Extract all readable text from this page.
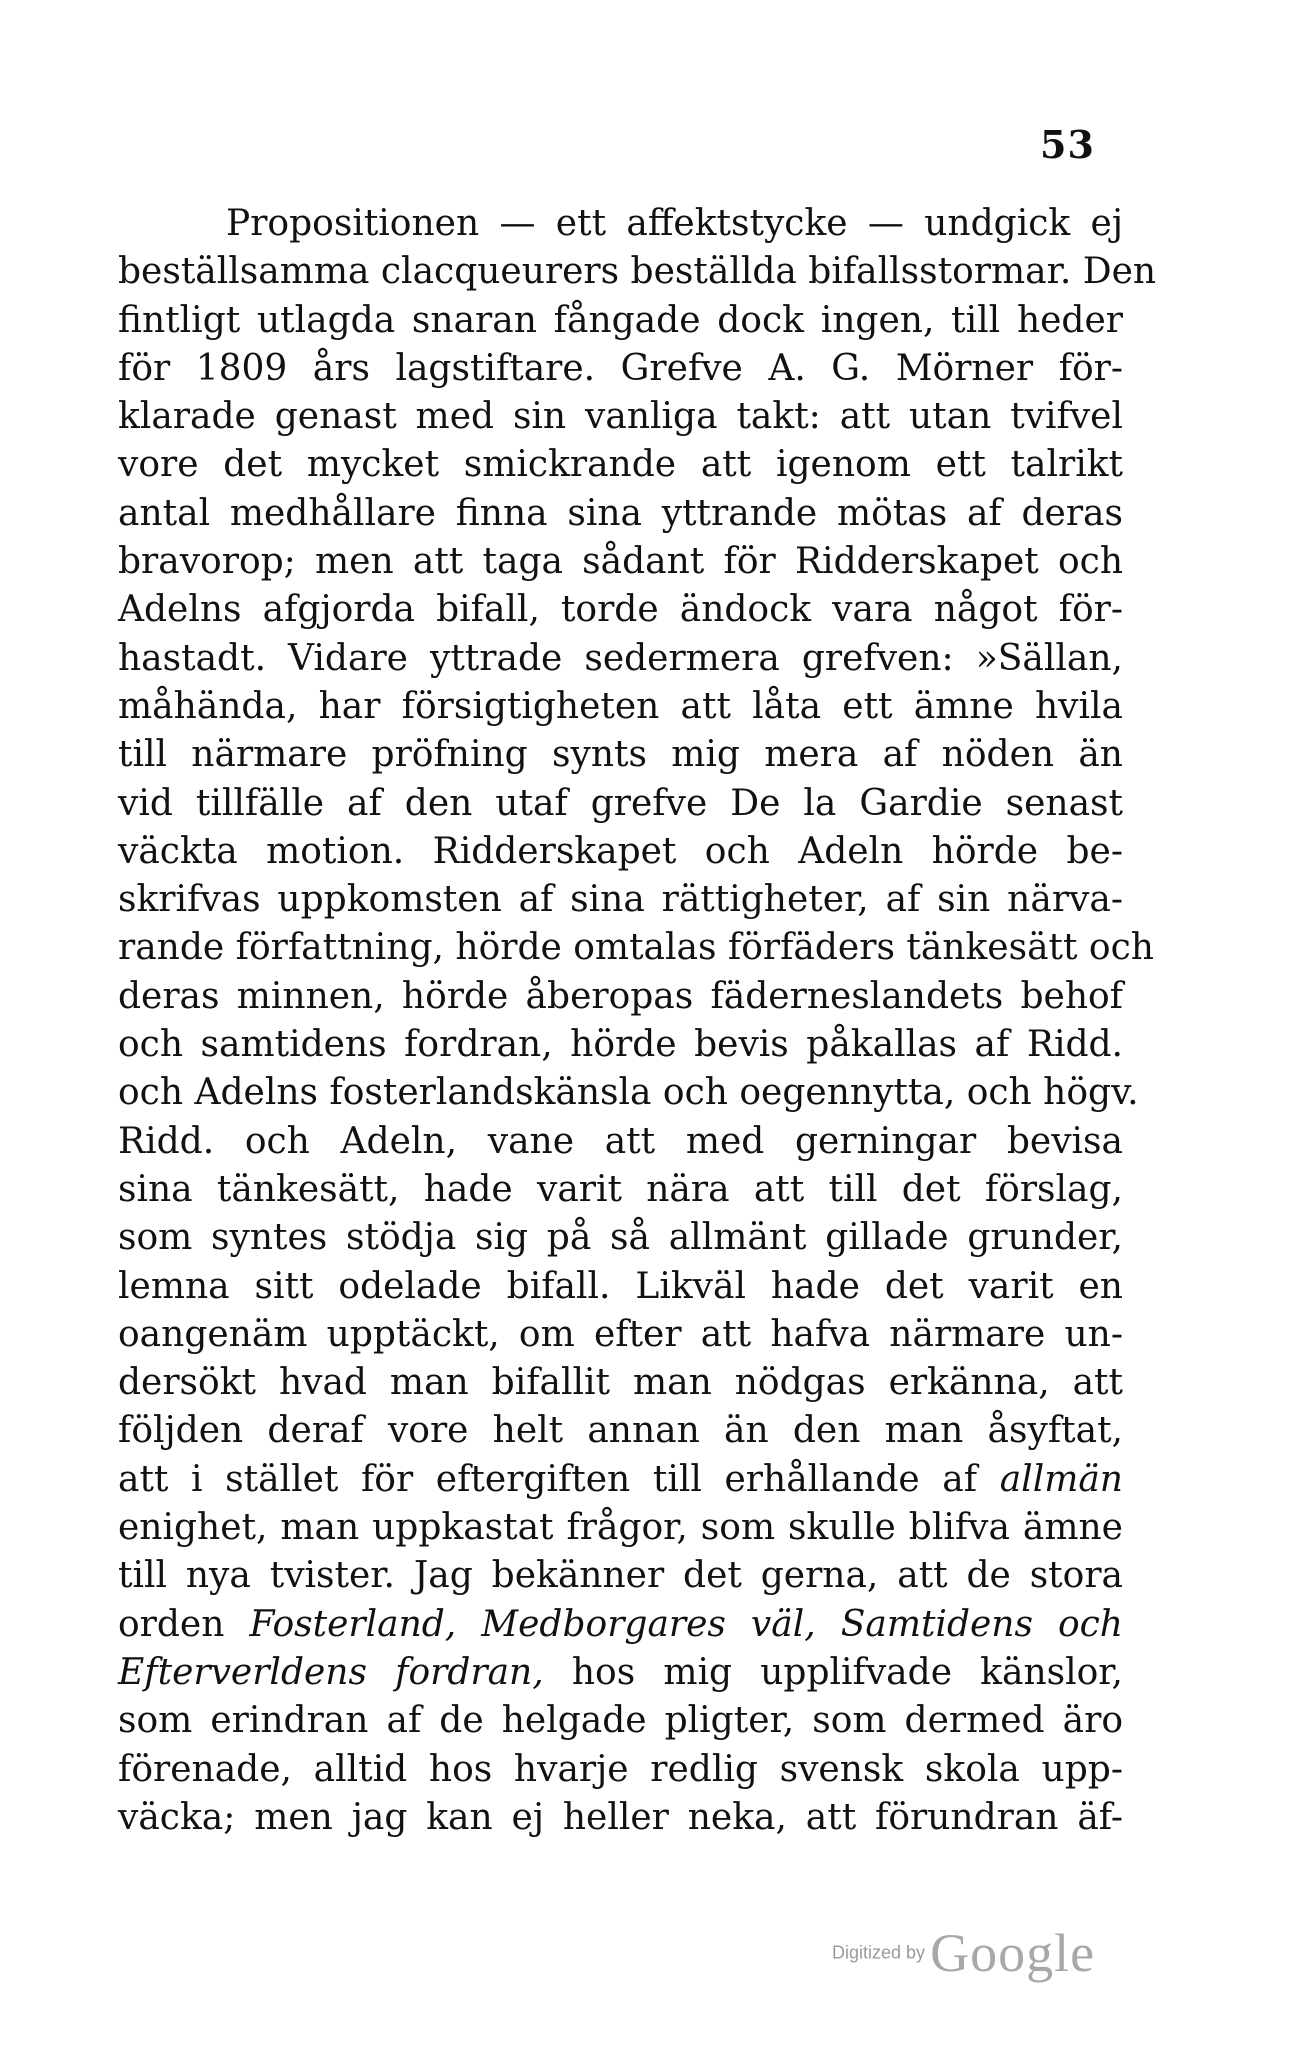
53
Propositionen — ett affektstycke — undgick ej
beställsamma clacqueurers beställda bifallsstormar. Den
fintligt utlagda snaran fångade dock ingen, till heder
för 1809 års lagstiftare. Grefve A. G. Mörner för-
klarade genast med sin vanliga takt: att utan tvifvel
vore det mycket smickrande att igenom ett talrikt
antal medhållare finna sina yttrande mötas af deras
bravorop; men att taga sådant för Ridderskapet och
Adelns afgjorda bifall, torde ändock vara något för-
hastadt. Vidare yttrade sedermera grefven: »Sällan,
måhända, har försigtigheten att låta ett ämne hvila
till närmare pröfning synts mig mera af nöden än
vid tillfälle af den utaf grefve De la Gardie senast
väckta motion. Ridderskapet och Adeln hörde be-
skrifvas uppkomsten af sina rättigheter, af sin närva-
rande författning, hörde omtalas förfäders tänkesätt och
deras minnen, hörde åberopas fäderneslandets behof
och samtidens fordran, hörde bevis påkallas af Ridd.
och Adelns fosterlandskänsla och oegennytta, och högv.
Ridd. och Adeln, vane att med gerningar bevisa
sina tänkesätt, hade varit nära att till det förslag,
som syntes stödja sig på så allmänt gillade grunder,
lemna sitt odelade bifall. Likväl hade det varit en
oangenäm upptäckt, om efter att hafva närmare un-
dersökt hvad man bifallit man nödgas erkänna, att
följden deraf vore helt annan än den man åsyftat,
att i stället för eftergiften till erhållande af allmän
enighet, man uppkastat frågor, som skulle blifva ämne
till nya tvister. Jag bekänner det gerna, att de stora
orden Fosterland, Medborgares väl, Samtidens och
Efterverldens fordran, hos mig upplifvade känslor,
som erindran af de helgade pligter, som dermed äro
förenade, alltid hos hvarje redlig svensk skola upp-
väcka; men jag kan ej heller neka, att förundran äf-
Digitized by Google
